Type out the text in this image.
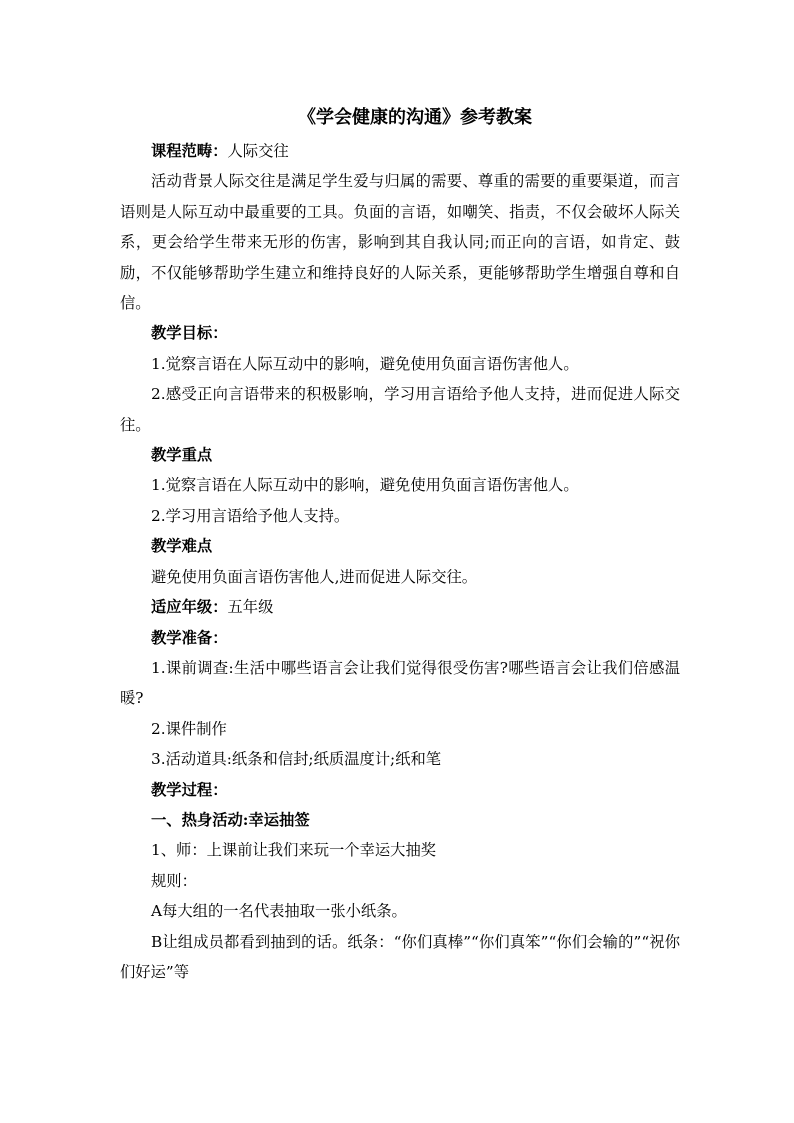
《学会健康的沟通》参考教案

课程范畴：人际交往

活动背景人际交往是满足学生爱与归属的需要、尊重的需要的重要渠道，而言语则是人际互动中最重要的工具。负面的言语，如嘲笑、指责，不仅会破坏人际关系，更会给学生带来无形的伤害，影响到其自我认同;而正向的言语，如肯定、鼓励，不仅能够帮助学生建立和维持良好的人际关系，更能够帮助学生增强自尊和自信。

教学目标：

1.觉察言语在人际互动中的影响，避免使用负面言语伤害他人。

2.感受正向言语带来的积极影响，学习用言语给予他人支持，进而促进人际交往。

教学重点

1.觉察言语在人际互动中的影响，避免使用负面言语伤害他人。

2.学习用言语给予他人支持。

教学难点

避免使用负面言语伤害他人,进而促进人际交往。

适应年级：五年级

教学准备：

1.课前调查:生活中哪些语言会让我们觉得很受伤害?哪些语言会让我们倍感温暖?

2.课件制作

3.活动道具:纸条和信封;纸质温度计;纸和笔

教学过程：

一、热身活动:幸运抽签

1、师：上课前让我们来玩一个幸运大抽奖

规则：

A每大组的一名代表抽取一张小纸条。

B让组成员都看到抽到的话。纸条：“你们真棒”“你们真笨”“你们会输的”“祝你们好运”等
